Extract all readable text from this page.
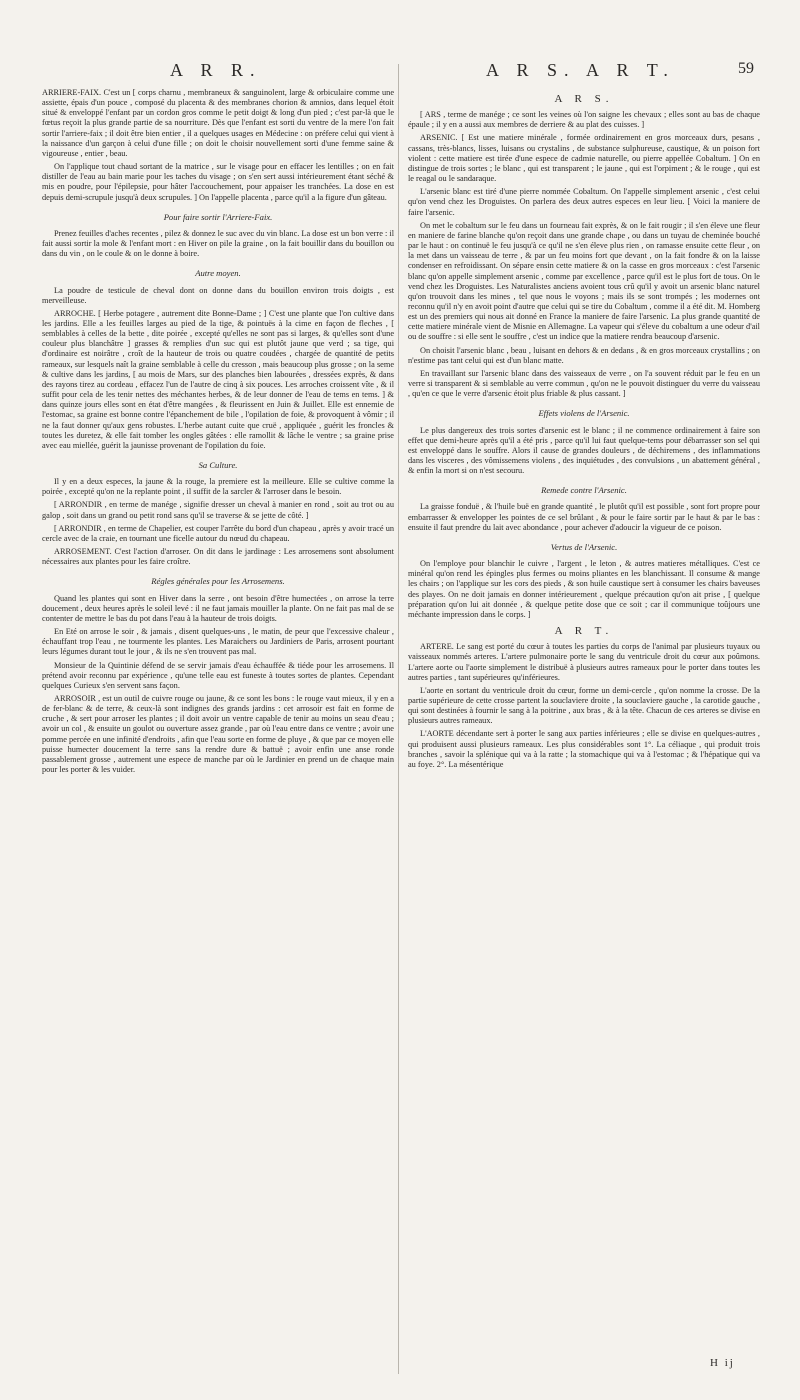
A R R.	A R S. A R T.	59

ARRIERE-FAIX. C'est un [ corps charnu , membraneux & sanguinolent, large & orbiculaire comme une assiette, épais d'un pouce , composé du placenta & des membranes chorion & amnios, dans lequel étoit situé & enveloppé l'enfant par un cordon gros comme le petit doigt & long d'un pied ; c'est par-là que le fœtus reçoit la plus grande partie de sa nourriture. Dès que l'enfant est sorti du ventre de la mere l'on fait sortir l'arriere-faix ; il doit être bien entier , il a quelques usages en Médecine : on préfere celui qui vient à la naissance d'un garçon à celui d'une fille ; on doit le choisir nouvellement sorti d'une femme saine & vigoureuse , entier , beau.

On l'applique tout chaud sortant de la matrice , sur le visage pour en effacer les lentilles ; on en fait distiller de l'eau au bain marie pour les taches du visage ; on s'en sert aussi intérieurement étant séché & mis en poudre, pour l'épilepsie, pour hâter l'accouchement, pour appaiser les tranchées. La dose en est depuis demi-scrupule jusqu'à deux scrupules. ] On l'appelle placenta , parce qu'il a la figure d'un gâteau.

Pour faire sortir l'Arriere-Faix.

Prenez feuilles d'aches recentes , pilez & donnez le suc avec du vin blanc. La dose est un bon verre : il fait aussi sortir la mole & l'enfant mort : en Hiver on pile la graine , on la fait bouillir dans du bouillon ou dans du vin , on le coule & on le donne à boire.

Autre moyen.

La poudre de testicule de cheval dont on donne dans du bouillon environ trois doigts , est merveilleuse.

ARROCHE. [ Herbe potagere , autrement dite Bonne-Dame ; ] C'est une plante que l'on cultive dans les jardins. Elle a les feuilles larges au pied de la tige, & pointuës à la cime en façon de fleches , [ semblables à celles de la bette , dite poirée , excepté qu'elles ne sont pas si larges, & qu'elles sont d'une couleur plus blanchâtre ] grasses & remplies d'un suc qui est plutôt jaune que verd ; sa tige, qui d'ordinaire est noirâtre , croît de la hauteur de trois ou quatre coudées , chargée de quantité de petits rameaux, sur lesquels naît la graine semblable à celle du cresson , mais beaucoup plus grosse ; on la seme & cultive dans les jardins, [ au mois de Mars, sur des planches bien labourées , dressées exprès, & dans des rayons tirez au cordeau , effacez l'un de l'autre de cinq à six pouces. Les arroches croissent vîte , & il suffit pour cela de les tenir nettes des méchantes herbes, & de leur donner de l'eau de tems en tems. ] & dans quinze jours elles sont en état d'être mangées , & fleurissent en Juin & Juillet. Elle est ennemie de l'estomac, sa graine est bonne contre l'épanchement de bile , l'opilation de foie, & provoquent à vômir ; il ne la faut donner qu'aux gens robustes. L'herbe autant cuite que cruë , appliquée , guérit les froncles & toutes les duretez, & elle fait tomber les ongles gâtées : elle ramollit & lâche le ventre ; sa graine prise avec eau miellée, guérit la jaunisse provenant de l'opilation du foie.

Sa Culture.

Il y en a deux especes, la jaune & la rouge, la premiere est la meilleure. Elle se cultive comme la poirée , excepté qu'on ne la replante point , il suffit de la sarcler & l'arroser dans le besoin.

[ ARRONDIR , en terme de manége , signifie dresser un cheval à manier en rond , soit au trot ou au galop , soit dans un grand ou petit rond sans qu'il se traverse & se jette de côté. ]

[ ARRONDIR , en terme de Chapelier, est couper l'arrête du bord d'un chapeau , après y avoir tracé un cercle avec de la craie, en tournant une ficelle autour du nœud du chapeau.

ARROSEMENT. C'est l'action d'arroser. On dit dans le jardinage : Les arrosemens sont absolument nécessaires aux plantes pour les faire croître.

Régles générales pour les Arrosemens.

Quand les plantes qui sont en Hiver dans la serre , ont besoin d'être humectées , on arrose la terre doucement , deux heures après le soleil levé : il ne faut jamais mouiller la plante. On ne fait pas mal de se contenter de mettre le bas du pot dans l'eau à la hauteur de trois doigts.

En Eté on arrose le soir , & jamais , disent quelques-uns , le matin, de peur que l'excessive chaleur , échauffant trop l'eau , ne tourmente les plantes. Les Maraichers ou Jardiniers de Paris, arrosent pourtant leurs légumes durant tout le jour , & ils ne s'en trouvent pas mal.

Monsieur de la Quintinie défend de se servir jamais d'eau échauffée & tiéde pour les arrosemens. Il prétend avoir reconnu par expérience , qu'une telle eau est funeste à toutes sortes de plantes. Cependant quelques Curieux s'en servent sans façon.

ARROSOIR , est un outil de cuivre rouge ou jaune, & ce sont les bons : le rouge vaut mieux, il y en a de fer-blanc & de terre, & ceux-là sont indignes des grands jardins : cet arrosoir est fait en forme de cruche , & sert pour arroser les plantes ; il doit avoir un ventre capable de tenir au moins un seau d'eau ; avoir un col , & ensuite un goulot ou ouverture assez grande , par où l'eau entre dans ce ventre ; avoir une pomme percée en une infinité d'endroits , afin que l'eau sorte en forme de pluye , & que par ce moyen elle puisse humecter doucement la terre sans la rendre dure & battuë ; avoir enfin une anse ronde passablement grosse , autrement une espece de manche par où le Jardinier en prend un de chaque main pour les porter & les vuider.

A R S.

[ ARS , terme de manége ; ce sont les veines où l'on saigne les chevaux ; elles sont au bas de chaque épaule ; il y en a aussi aux membres de derriere & au plat des cuisses. ]

ARSENIC. [ Est une matiere minérale , formée ordinairement en gros morceaux durs, pesans , cassans, très-blancs, lisses, luisans ou crystalins , de substance sulphureuse, caustique, & un poison fort violent : cette matiere est tirée d'une espece de cadmie naturelle, ou pierre appellée Cobaltum. ] On en distingue de trois sortes ; le blanc , qui est transparent ; le jaune , qui est l'orpiment ; & le rouge , qui est le reagal ou le sandaraque.

L'arsenic blanc est tiré d'une pierre nommée Cobaltum. On l'appelle simplement arsenic , c'est celui qu'on vend chez les Droguistes. On parlera des deux autres especes en leur lieu. [ Voici la maniere de faire l'arsenic.

On met le cobaltum sur le feu dans un fourneau fait exprès, & on le fait rougir ; il s'en éleve une fleur en maniere de farine blanche qu'on reçoit dans une grande chape , ou dans un tuyau de cheminée bouché par le haut : on continuë le feu jusqu'à ce qu'il ne s'en éleve plus rien , on ramasse ensuite cette fleur , on la met dans un vaisseau de terre , & par un feu moins fort que devant , on la fait fondre & on la laisse condenser en refroidissant. On sépare ensin cette matiere & on la casse en gros morceaux : c'est l'arsenic blanc qu'on appelle simplement arsenic , comme par excellence , parce qu'il est le plus fort de tous. On le vend chez les Droguistes. Les Naturalistes anciens avoient tous crû qu'il y avoit un arsenic blanc naturel qu'on trouvoit dans les mines , tel que nous le voyons ; mais ils se sont trompés ; les modernes ont reconnu qu'il n'y en avoit point d'autre que celui qui se tire du Cobaltum , comme il a été dit. M. Homberg est un des premiers qui nous ait donné en France la maniere de faire l'arsenic. La plus grande quantité de cette matiere minérale vient de Misnie en Allemagne. La vapeur qui s'éleve du cobaltum a une odeur d'ail ou de souffre : si elle sent le souffre , c'est un indice que la matiere rendra beaucoup d'arsenic.

On choisit l'arsenic blanc , beau , luisant en dehors & en dedans , & en gros morceaux crystallins ; on n'estime pas tant celui qui est d'un blanc matte.

En travaillant sur l'arsenic blanc dans des vaisseaux de verre , on l'a souvent réduit par le feu en un verre si transparent & si semblable au verre commun , qu'on ne le pouvoit distinguer du verre du vaisseau , qu'en ce que le verre d'arsenic étoit plus friable & plus cassant. ]

Effets violens de l'Arsenic.

Le plus dangereux des trois sortes d'arsenic est le blanc ; il ne commence ordinairement à faire son effet que demi-heure après qu'il a été pris , parce qu'il lui faut quelque-tems pour débarrasser son sel qui est enveloppé dans le souffre. Alors il cause de grandes douleurs , de déchiremens , des inflammations dans les visceres , des vômissemens violens , des inquiétudes , des convulsions , un abattement général , & enfin la mort si on n'est secouru.

Remede contre l'Arsenic.

La graisse fonduë , & l'huile buë en grande quantité , le plutôt qu'il est possible , sont fort propre pour embarrasser & envelopper les pointes de ce sel brûlant , & pour le faire sortir par le haut & par le bas : ensuite il faut prendre du lait avec abondance , pour achever d'adoucir la vigueur de ce poison.

Vertus de l'Arsenic.

On l'employe pour blanchir le cuivre , l'argent , le leton , & autres matieres métalliques. C'est ce minéral qu'on rend les épingles plus fermes ou moins pliantes en les blanchissant. Il consume & mange les chairs ; on l'applique sur les cors des pieds , & son huile caustique sert à consumer les chairs baveuses des playes. On ne doit jamais en donner intérieurement , quelque précaution qu'on ait prise , [ quelque préparation qu'on lui ait donnée , & quelque petite dose que ce soit ; car il communique toûjours une méchante impression dans le corps. ]

A R T.

ARTERE. Le sang est porté du cœur à toutes les parties du corps de l'animal par plusieurs tuyaux ou vaisseaux nommés arteres. L'artere pulmonaire porte le sang du ventricule droit du cœur aux poûmons. L'artere aorte ou l'aorte simplement le distribuë à plusieurs autres rameaux pour le porter dans toutes les autres parties , tant supérieures qu'inférieures.

L'aorte en sortant du ventricule droit du cœur, forme un demi-cercle , qu'on nomme la crosse. De la partie supérieure de cette crosse partent la souclaviere droite , la souclaviere gauche , la carotide gauche , qui sont destinées à fournir le sang à la poitrine , aux bras , & à la tête. Chacun de ces arteres se divise en plusieurs autres rameaux.

L'AORTE décendante sert à porter le sang aux parties inférieures ; elle se divise en quelques-autres , qui produisent aussi plusieurs rameaux. Les plus considérables sont 1°. La céliaque , qui produit trois branches , savoir la splénique qui va à la ratte ; la stomachique qui va à l'estomac ; & l'hépatique qui va au foye. 2°. La mésentérique

H ij
